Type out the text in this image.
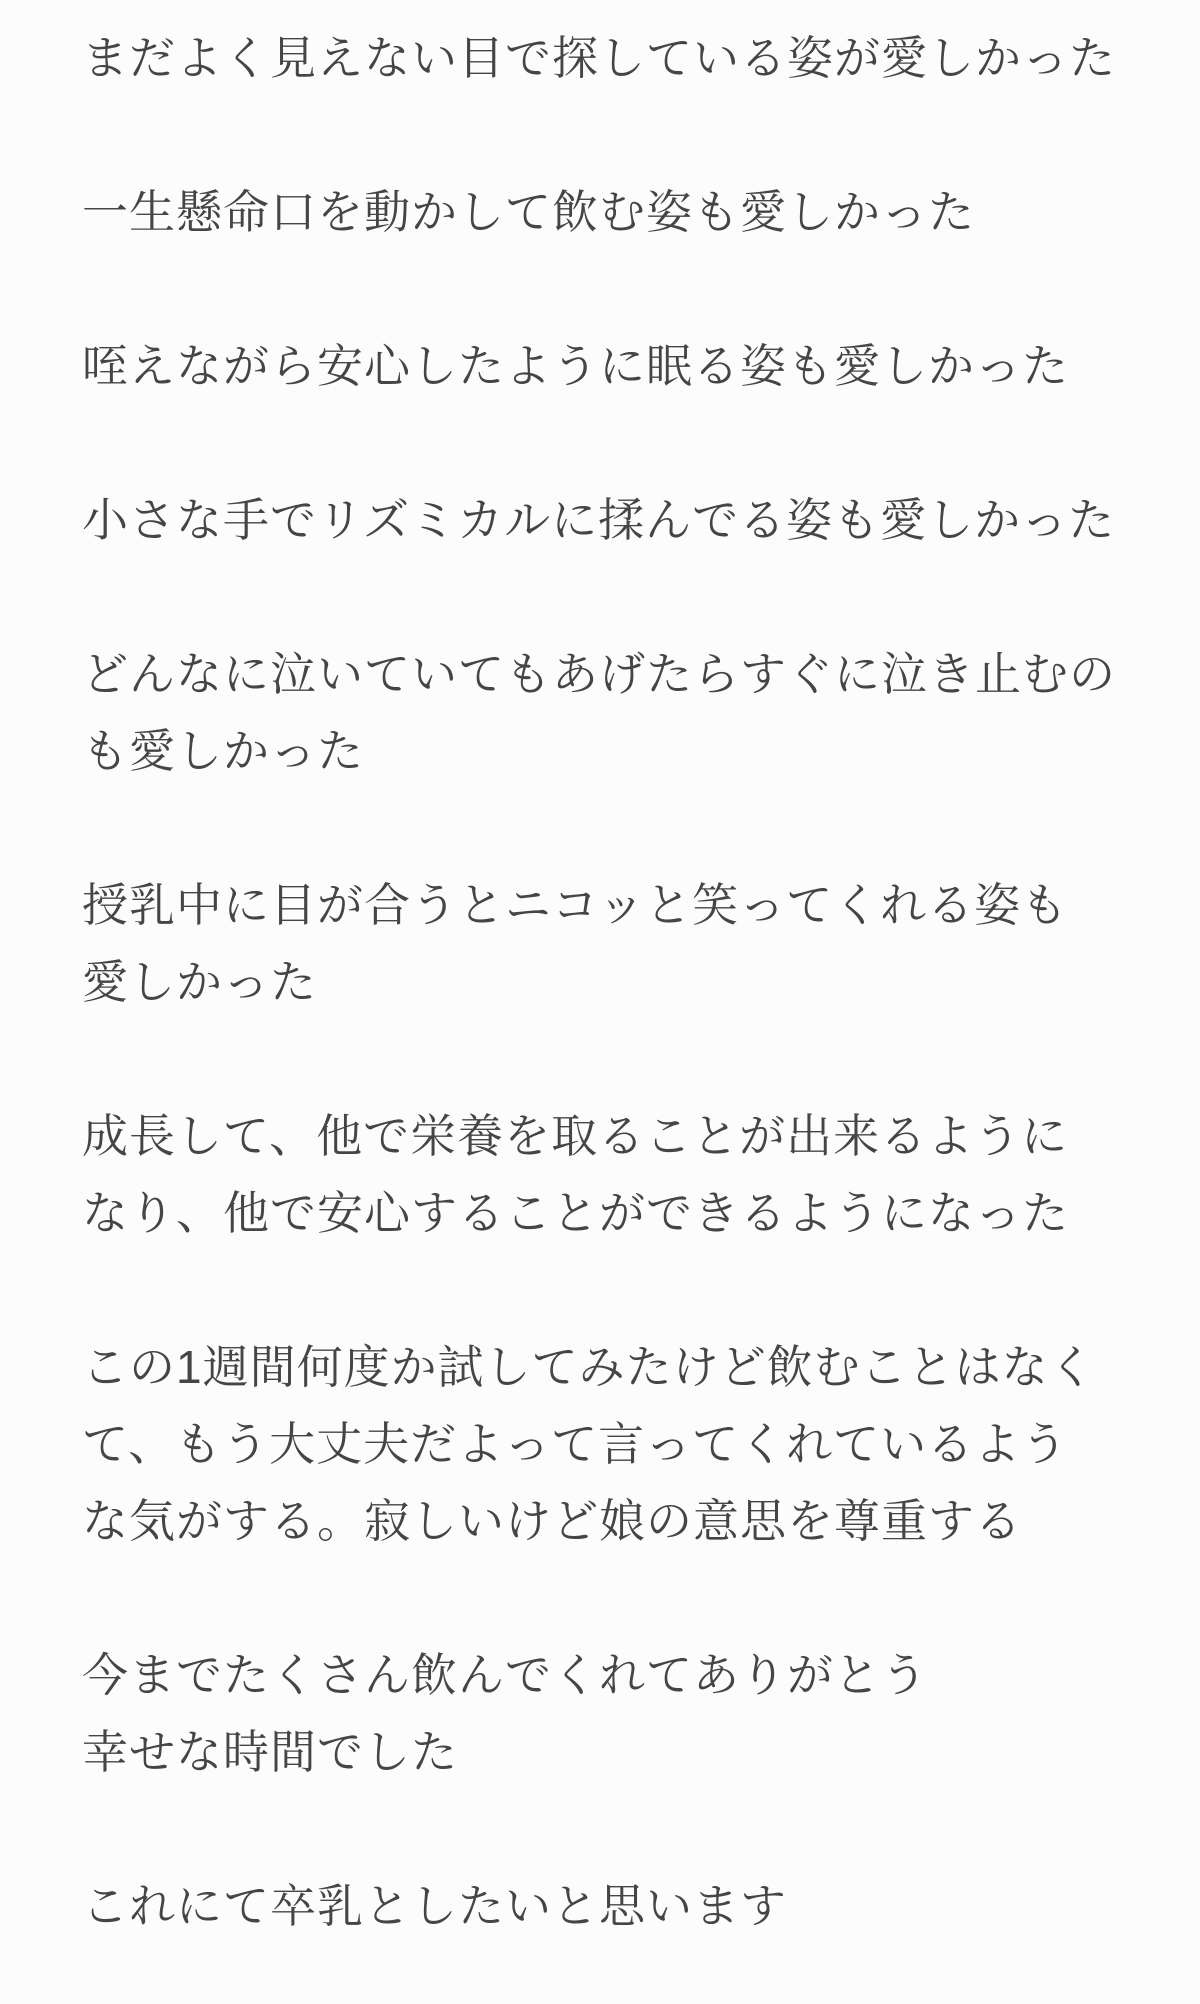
まだよく見えない目で探している姿が愛しかった

一生懸命口を動かして飲む姿も愛しかった

咥えながら安心したように眠る姿も愛しかった

小さな手でリズミカルに揉んでる姿も愛しかった

どんなに泣いていてもあげたらすぐに泣き止むの
も愛しかった

授乳中に目が合うとニコッと笑ってくれる姿も
愛しかった

成長して、他で栄養を取ることが出来るように
なり、他で安心することができるようになった

この1週間何度か試してみたけど飲むことはなく
て、もう大丈夫だよって言ってくれているよう
な気がする。寂しいけど娘の意思を尊重する

今までたくさん飲んでくれてありがとう
幸せな時間でした

これにて卒乳としたいと思います
